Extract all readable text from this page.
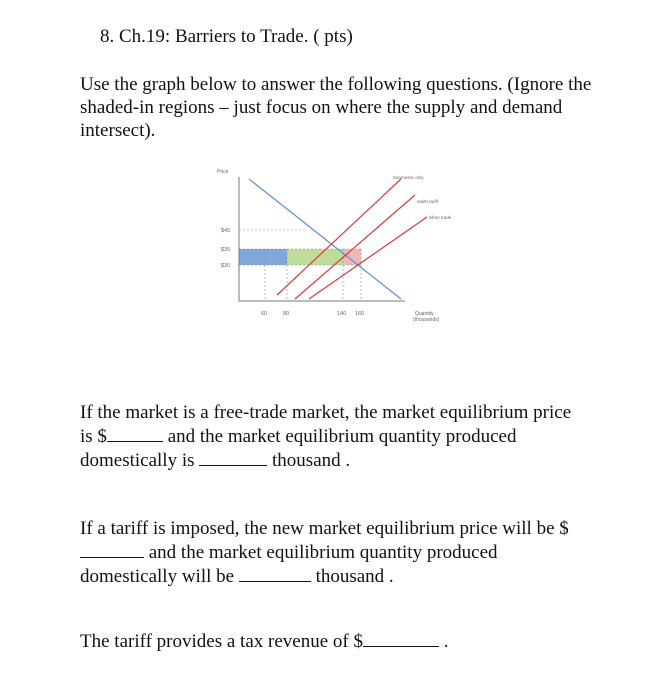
8. Ch.19: Barriers to Trade. ( pts)

Use the graph below to answer the following questions. (Ignore the shaded-in regions – just focus on where the supply and demand intersect).

Price
$45
$35
$30
60	80	140 160	Quantity
(thousands)
Sdomestic only
Swith tariff
Sfree trade

If the market is a free-trade market, the market equilibrium price
is $	and the market equilibrium quantity produced
domestically is	thousand .

If a tariff is imposed, the new market equilibrium price will be $
and the market equilibrium quantity produced
domestically will be	thousand .

The tariff provides a tax revenue of $	.
